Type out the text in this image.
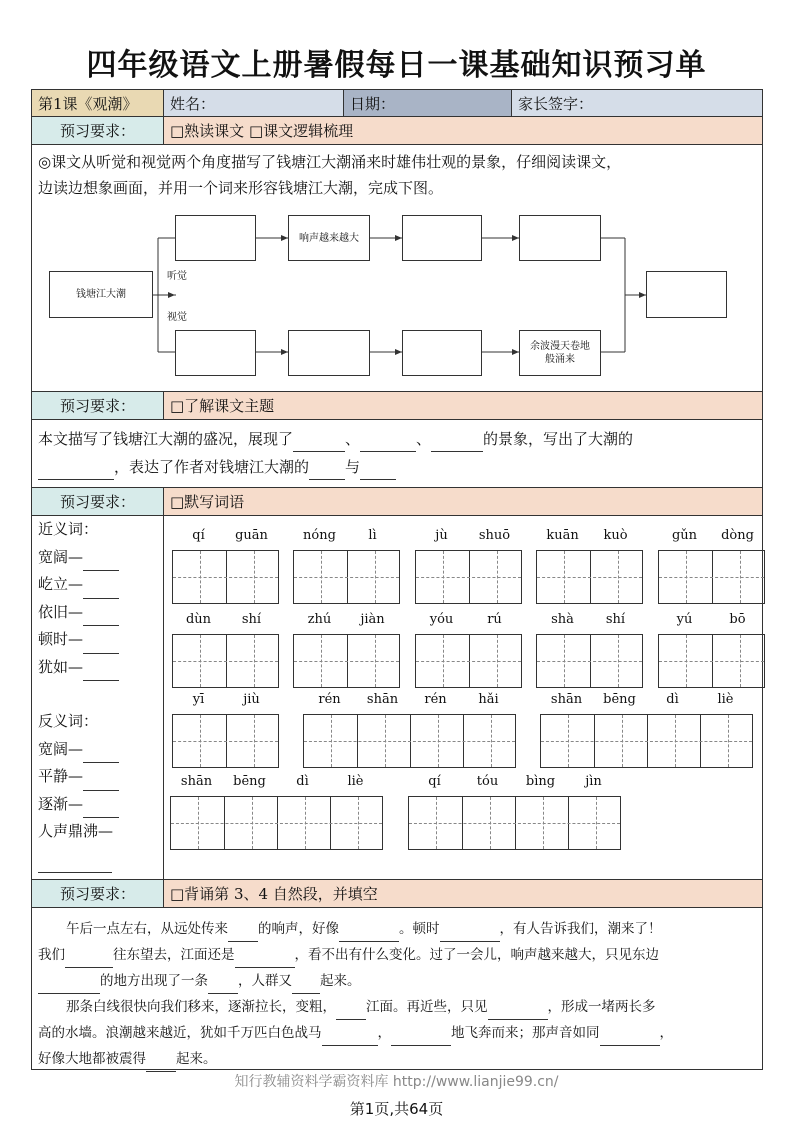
四年级语文上册暑假每日一课基础知识预习单
第1课《观潮》	姓名：	日期：	家长签字：
预习要求：	□熟读课文 □课文逻辑梳理
◎课文从听觉和视觉两个角度描写了钱塘江大潮涌来时雄伟壮观的景象，仔细阅读课文，
边读边想象画面，并用一个词来形容钱塘江大潮，完成下图。
钱塘江大潮
听觉
视觉
响声越来越大
余波漫天卷地般涌来
预习要求：	□了解课文主题
本文描写了钱塘江大潮的盛况，展现了	、	、	的景象，写出了大潮的
，表达了作者对钱塘江大潮的 与
预习要求：	□默写词语
近义词：
宽阔—
屹立—
依旧—
顿时—
犹如—
反义词：
宽阔—
平静—
逐渐—
人声鼎沸—
qí	guān	nóng	lì	jù	shuō	kuān	kuò	gǔn	dòng
dùn	shí	zhú	jiàn	yóu	rú	shà	shí	yú	bō
yī	jiù	rén	shān	rén	hǎi	shān	bēng	dì	liè
shān	bēng	dì	liè	qí	tóu	bìng	jìn
预习要求：	□背诵第 3、4 自然段，并填空
午后一点左右，从远处传来 的响声，好像	。顿时	，有人告诉我们，潮来了！
我们	往东望去，江面还是	，看不出有什么变化。过了一会儿，响声越来越大，只见东边
的地方出现了一条 ，人群又 起来。
那条白线很快向我们移来，逐渐拉长，变粗， 江面。再近些，只见	，形成一堵两长多
高的水墙。浪潮越来越近，犹如千万匹白色战马	，	地飞奔而来；那声音如同	，
好像大地都被震得 起来。
知行教辅资料学霸资料库 http://www.lianjie99.cn/
第1页,共64页
